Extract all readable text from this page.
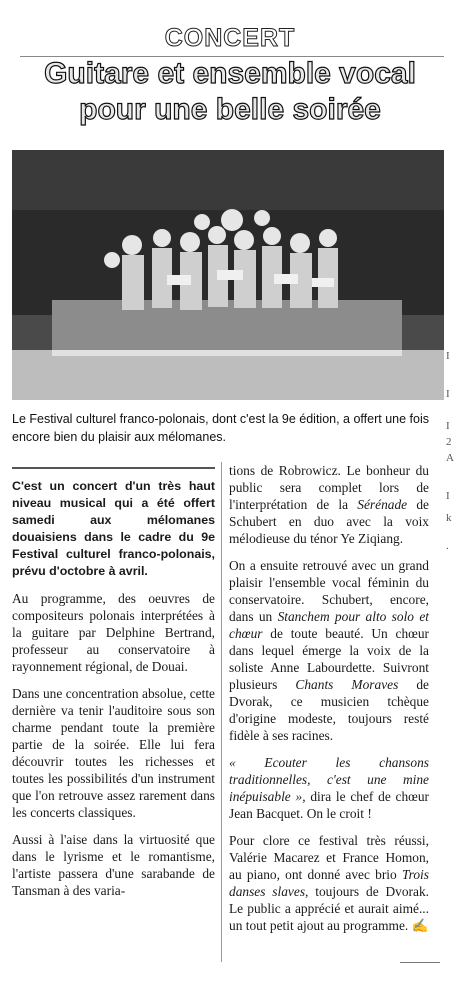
CONCERT
Guitare et ensemble vocal
pour une belle soirée
Le Festival culturel franco-polonais, dont c'est la 9e édition, a offert une fois encore bien du plaisir aux mélomanes.

C'est un concert d'un très haut niveau musical qui a été offert samedi aux mélomanes douaisiens dans le cadre du 9e Festival culturel franco-polonais, prévu d'octobre à avril.

Au programme, des oeuvres de compositeurs polonais interprétées à la guitare par Delphine Bertrand, professeur au conservatoire à rayonnement régional, de Douai.

Dans une concentration absolue, cette dernière va tenir l'auditoire sous son charme pendant toute la première partie de la soirée. Elle lui fera découvrir toutes les richesses et toutes les possibilités d'un instrument que l'on retrouve assez rarement dans les concerts classiques.

Aussi à l'aise dans la virtuosité que dans le lyrisme et le romantisme, l'artiste passera d'une sarabande de Tansman à des varia-

tions de Robrowicz. Le bonheur du public sera complet lors de l'interprétation de la Sérénade de Schubert en duo avec la voix mélodieuse du ténor Ye Ziqiang.

On a ensuite retrouvé avec un grand plaisir l'ensemble vocal féminin du conservatoire. Schubert, encore, dans un Stanchem pour alto solo et chœur de toute beauté. Un chœur dans lequel émerge la voix de la soliste Anne Labourdette. Suivront plusieurs Chants Moraves de Dvorak, ce musicien tchèque d'origine modeste, toujours resté fidèle à ses racines.

« Ecouter les chansons traditionnelles, c'est une mine inépuisable », dira le chef de chœur Jean Bacquet. On le croit !

Pour clore ce festival très réussi, Valérie Macarez et France Homon, au piano, ont donné avec brio Trois danses slaves, toujours de Dvorak. Le public a apprécié et aurait aimé... un tout petit ajout au programme. ✍

I
I
I
2
A
I
k
.
